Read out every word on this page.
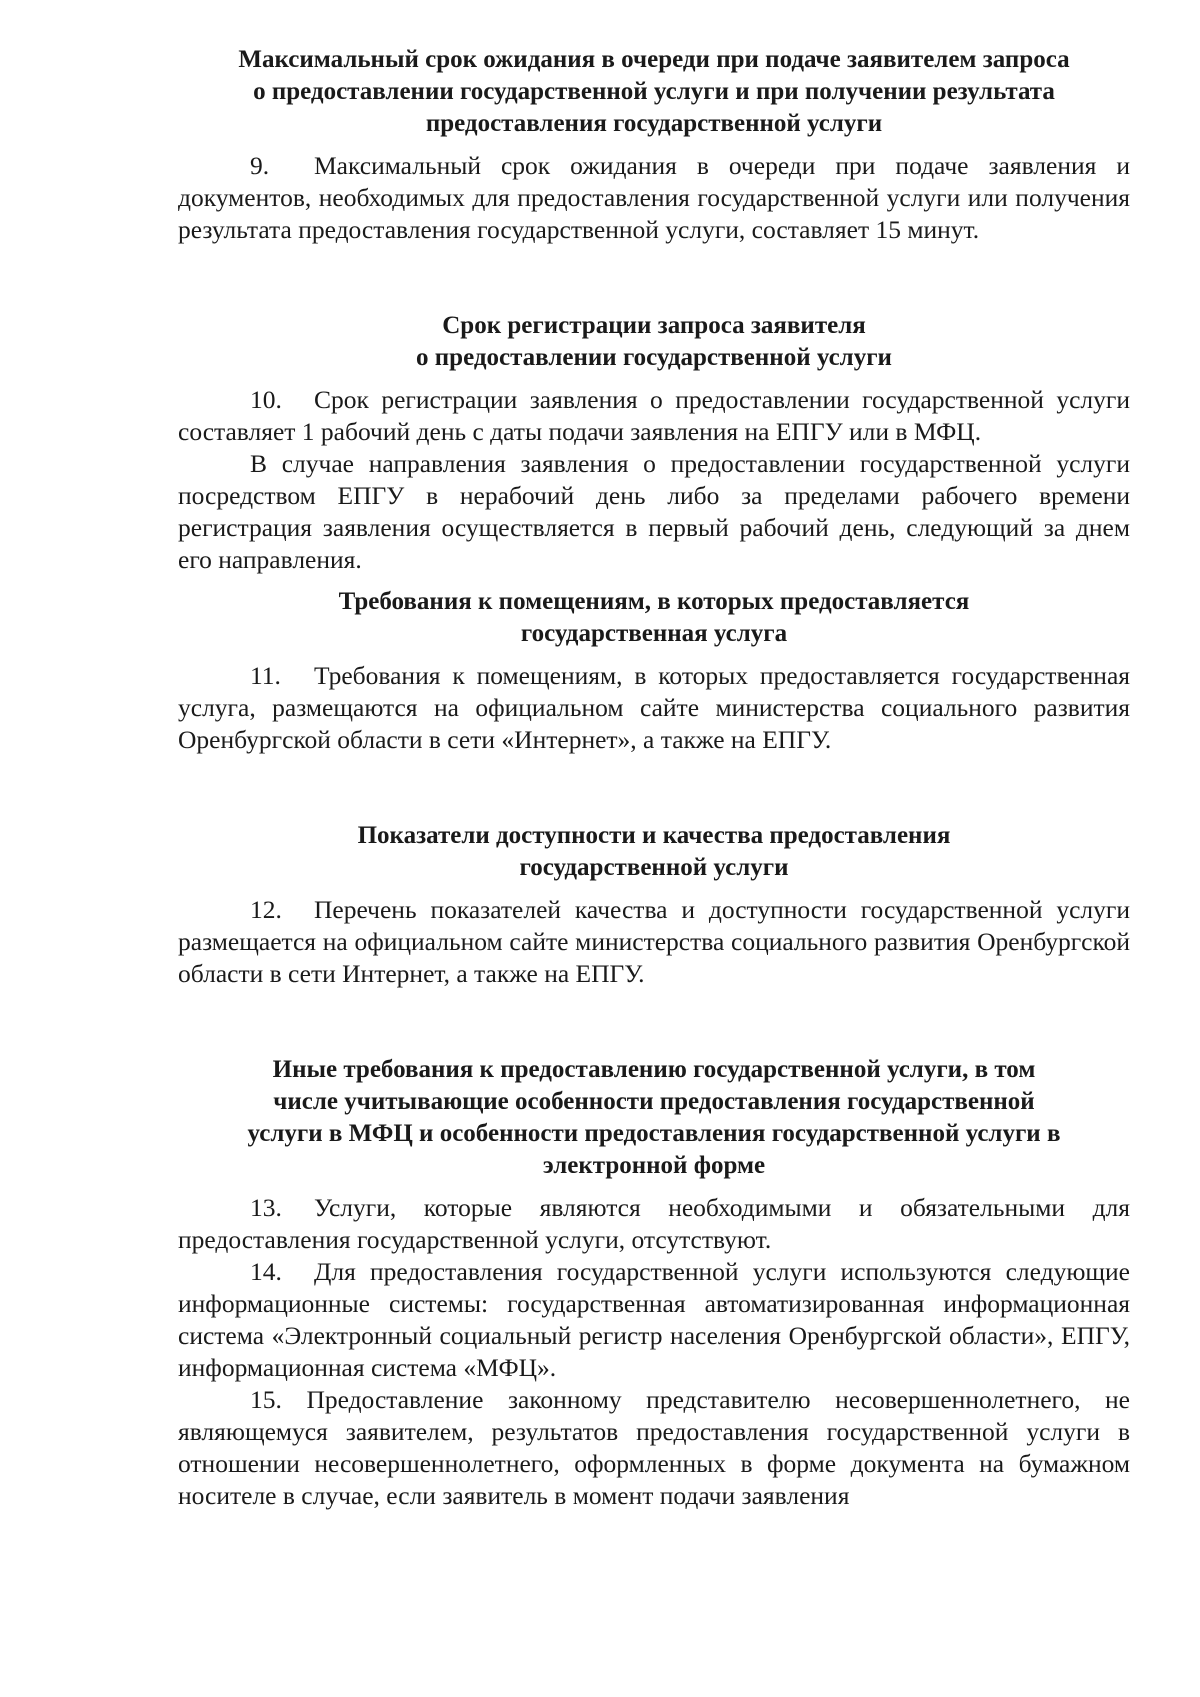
Максимальный срок ожидания в очереди при подаче заявителем запроса
о предоставлении государственной услуги и при получении результата
предоставления государственной услуги

9. Максимальный срок ожидания в очереди при подаче заявления и документов, необходимых для предоставления государственной услуги или получения результата предоставления государственной услуги, составляет 15 минут.

Срок регистрации запроса заявителя
о предоставлении государственной услуги

10. Срок регистрации заявления о предоставлении государственной услуги составляет 1 рабочий день с даты подачи заявления на ЕПГУ или в МФЦ.

В случае направления заявления о предоставлении государственной услуги посредством ЕПГУ в нерабочий день либо за пределами рабочего времени регистрация заявления осуществляется в первый рабочий день, следующий за днем его направления.

Требования к помещениям, в которых предоставляется
государственная услуга

11. Требования к помещениям, в которых предоставляется государственная услуга, размещаются на официальном сайте министерства социального развития Оренбургской области в сети «Интернет», а также на ЕПГУ.

Показатели доступности и качества предоставления
государственной услуги

12. Перечень показателей качества и доступности государственной услуги размещается на официальном сайте министерства социального развития Оренбургской области в сети Интернет, а также на ЕПГУ.

Иные требования к предоставлению государственной услуги, в том
числе учитывающие особенности предоставления государственной
услуги в МФЦ и особенности предоставления государственной услуги в
электронной форме

13. Услуги, которые являются необходимыми и обязательными для предоставления государственной услуги, отсутствуют.

14. Для предоставления государственной услуги используются следующие информационные системы: государственная автоматизированная информационная система «Электронный социальный регистр населения Оренбургской области», ЕПГУ, информационная система «МФЦ».

15. Предоставление законному представителю несовершеннолетнего, не являющемуся заявителем, результатов предоставления государственной услуги в отношении несовершеннолетнего, оформленных в форме документа на бумажном носителе в случае, если заявитель в момент подачи заявления
